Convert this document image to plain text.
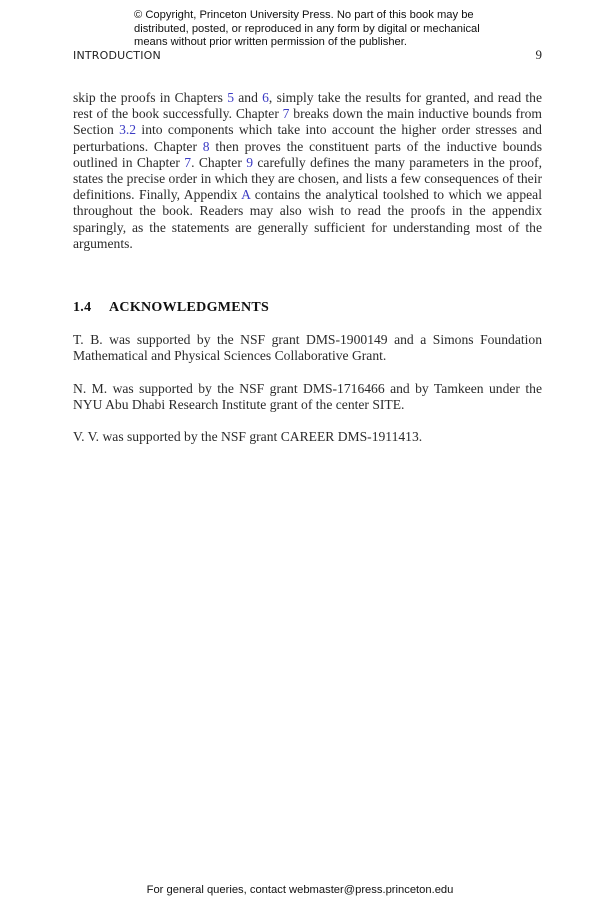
© Copyright, Princeton University Press. No part of this book may be
distributed, posted, or reproduced in any form by digital or mechanical
means without prior written permission of the publisher.
INTRODUCTION	9

skip the proofs in Chapters 5 and 6, simply take the results for granted, and read the rest of the book successfully. Chapter 7 breaks down the main inductive bounds from Section 3.2 into components which take into account the higher order stresses and perturbations. Chapter 8 then proves the constituent parts of the inductive bounds outlined in Chapter 7. Chapter 9 carefully defines the many parameters in the proof, states the precise order in which they are chosen, and lists a few consequences of their definitions. Finally, Appendix A contains the analytical toolshed to which we appeal throughout the book. Readers may also wish to read the proofs in the appendix sparingly, as the statements are generally sufficient for understanding most of the arguments.

1.4 ACKNOWLEDGMENTS

T. B. was supported by the NSF grant DMS-1900149 and a Simons Foundation Mathematical and Physical Sciences Collaborative Grant.

N. M. was supported by the NSF grant DMS-1716466 and by Tamkeen under the NYU Abu Dhabi Research Institute grant of the center SITE.

V. V. was supported by the NSF grant CAREER DMS-1911413.

For general queries, contact webmaster@press.princeton.edu
